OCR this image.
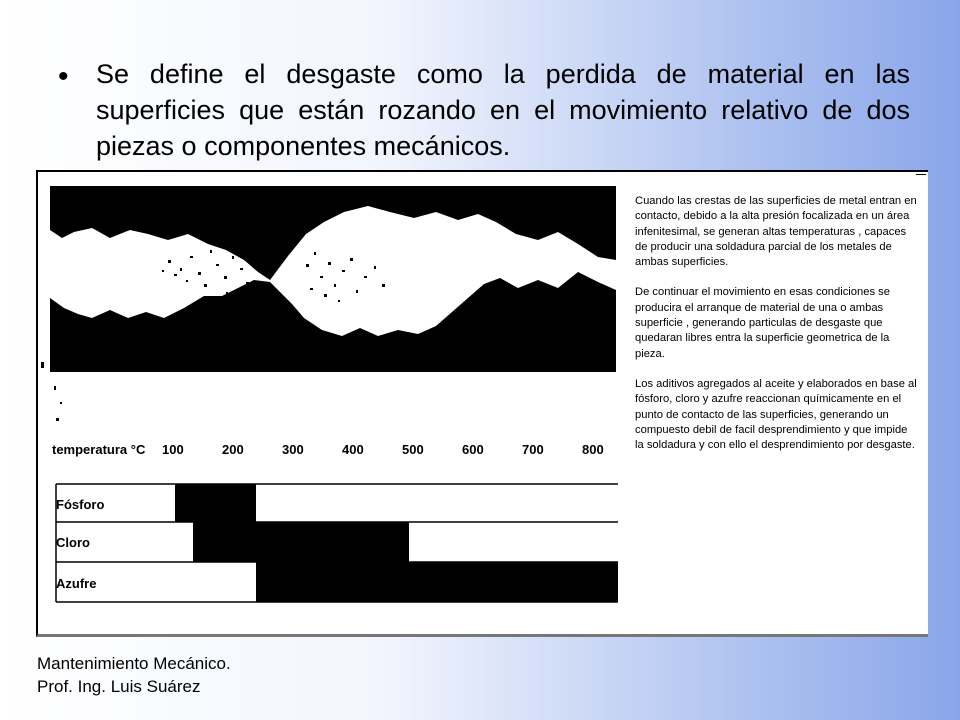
• Se define el desgaste como la perdida de material en las superficies que están rozando en el movimiento relativo de dos piezas o componentes mecánicos.

Cuando las crestas de las superficies de metal entran en contacto, debido a la alta presión focalizada en un área infenitesimal, se generan altas temperaturas , capaces de producir una soldadura parcial de los metales de ambas superficies.

De continuar el movimiento en esas condiciones se producira el arranque de material de una o ambas superficie , generando particulas de desgaste que quedaran libres entra la superficie geometrica de la pieza.

Los aditivos agregados al aceite y elaborados en base al fósforo, cloro y azufre reaccionan químicamente en el punto de contacto de las superficies, generando un compuesto debil de facil desprendimiento y que impide la soldadura y con ello el desprendimiento por desgaste.

temperatura °C 100	200	300	400	500	600	700	800
Fósforo
Cloro
Azufre
Mantenimiento Mecánico.
Prof. Ing. Luis Suárez
